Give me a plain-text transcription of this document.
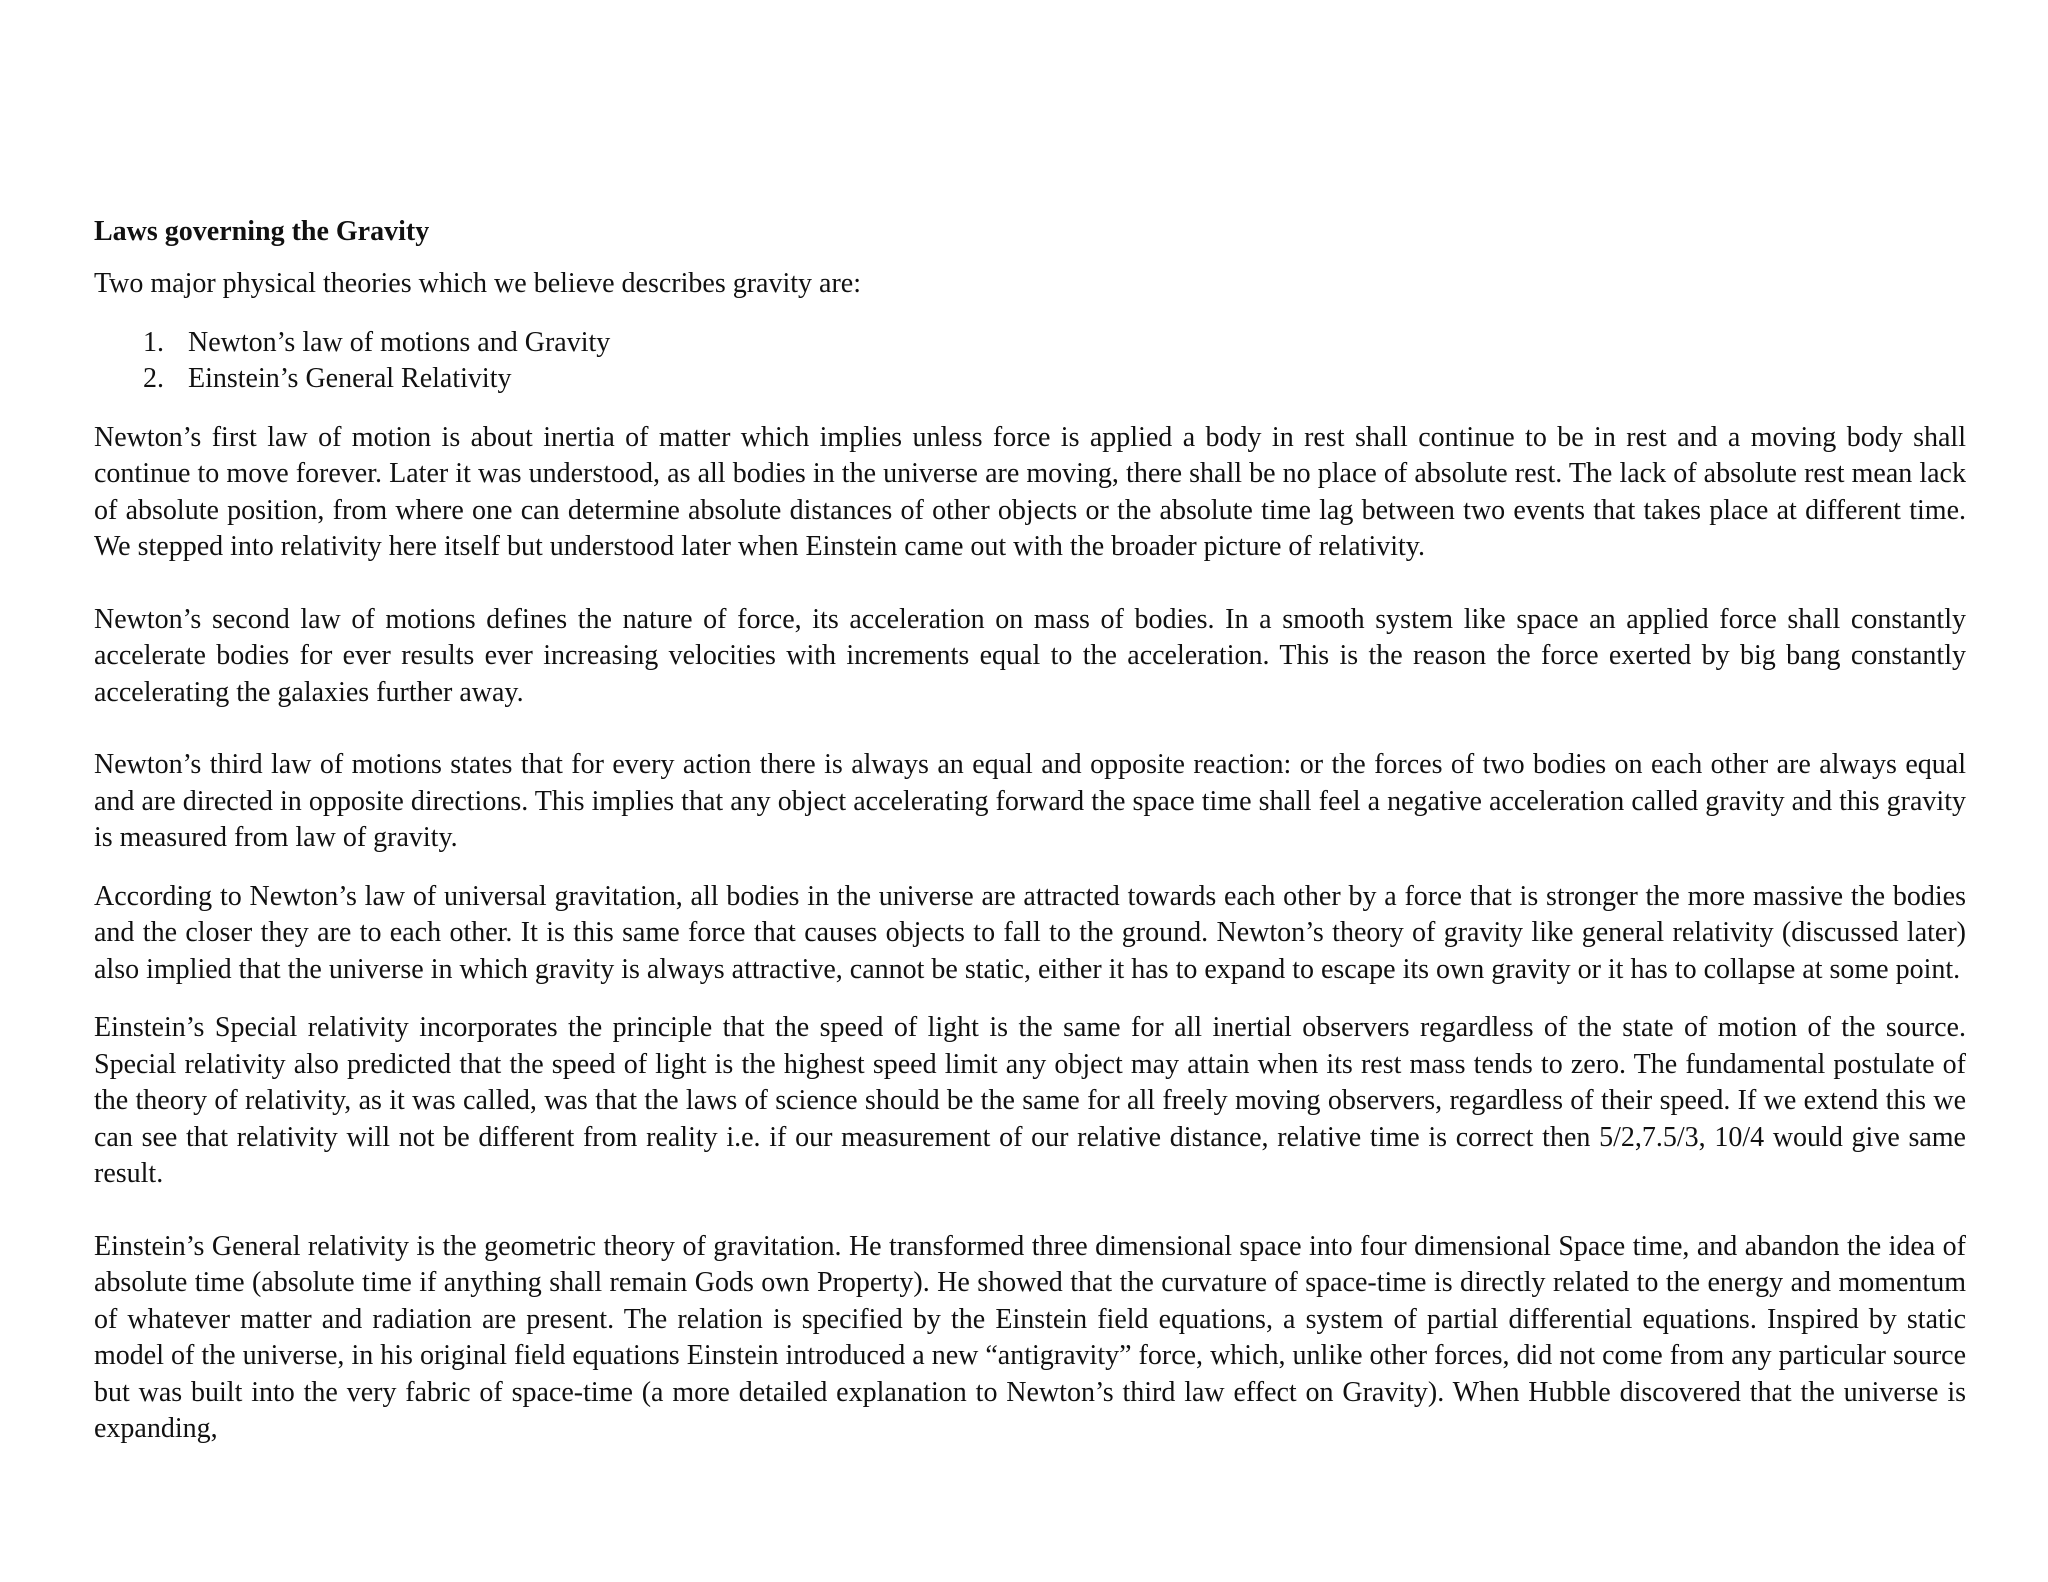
Laws governing the Gravity

Two major physical theories which we believe describes gravity are:

1. Newton’s law of motions and Gravity
2. Einstein’s General Relativity

Newton’s first law of motion is about inertia of matter which implies unless force is applied a body in rest shall continue to be in rest and a moving body shall continue to move forever. Later it was understood, as all bodies in the universe are moving, there shall be no place of absolute rest. The lack of absolute rest mean lack of absolute position, from where one can determine absolute distances of other objects or the absolute time lag between two events that takes place at different time. We stepped into relativity here itself but understood later when Einstein came out with the broader picture of relativity.

Newton’s second law of motions defines the nature of force, its acceleration on mass of bodies. In a smooth system like space an applied force shall constantly accelerate bodies for ever results ever increasing velocities with increments equal to the acceleration. This is the reason the force exerted by big bang constantly accelerating the galaxies further away.

Newton’s third law of motions states that for every action there is always an equal and opposite reaction: or the forces of two bodies on each other are always equal and are directed in opposite directions. This implies that any object accelerating forward the space time shall feel a negative acceleration called gravity and this gravity is measured from law of gravity.

According to Newton’s law of universal gravitation, all bodies in the universe are attracted towards each other by a force that is stronger the more massive the bodies and the closer they are to each other. It is this same force that causes objects to fall to the ground. Newton’s theory of gravity like general relativity (discussed later) also implied that the universe in which gravity is always attractive, cannot be static, either it has to expand to escape its own gravity or it has to collapse at some point.

Einstein’s Special relativity incorporates the principle that the speed of light is the same for all inertial observers regardless of the state of motion of the source. Special relativity also predicted that the speed of light is the highest speed limit any object may attain when its rest mass tends to zero. The fundamental postulate of the theory of relativity, as it was called, was that the laws of science should be the same for all freely moving observers, regardless of their speed. If we extend this we can see that relativity will not be different from reality i.e. if our measurement of our relative distance, relative time is correct then 5/2,7.5/3, 10/4 would give same result.

Einstein’s General relativity is the geometric theory of gravitation. He transformed three dimensional space into four dimensional Space time, and abandon the idea of absolute time (absolute time if anything shall remain Gods own Property). He showed that the curvature of space-time is directly related to the energy and momentum of whatever matter and radiation are present. The relation is specified by the Einstein field equations, a system of partial differential equations. Inspired by static model of the universe, in his original field equations Einstein introduced a new “antigravity” force, which, unlike other forces, did not come from any particular source but was built into the very fabric of space-time (a more detailed explanation to Newton’s third law effect on Gravity). When Hubble discovered that the universe is expanding,
